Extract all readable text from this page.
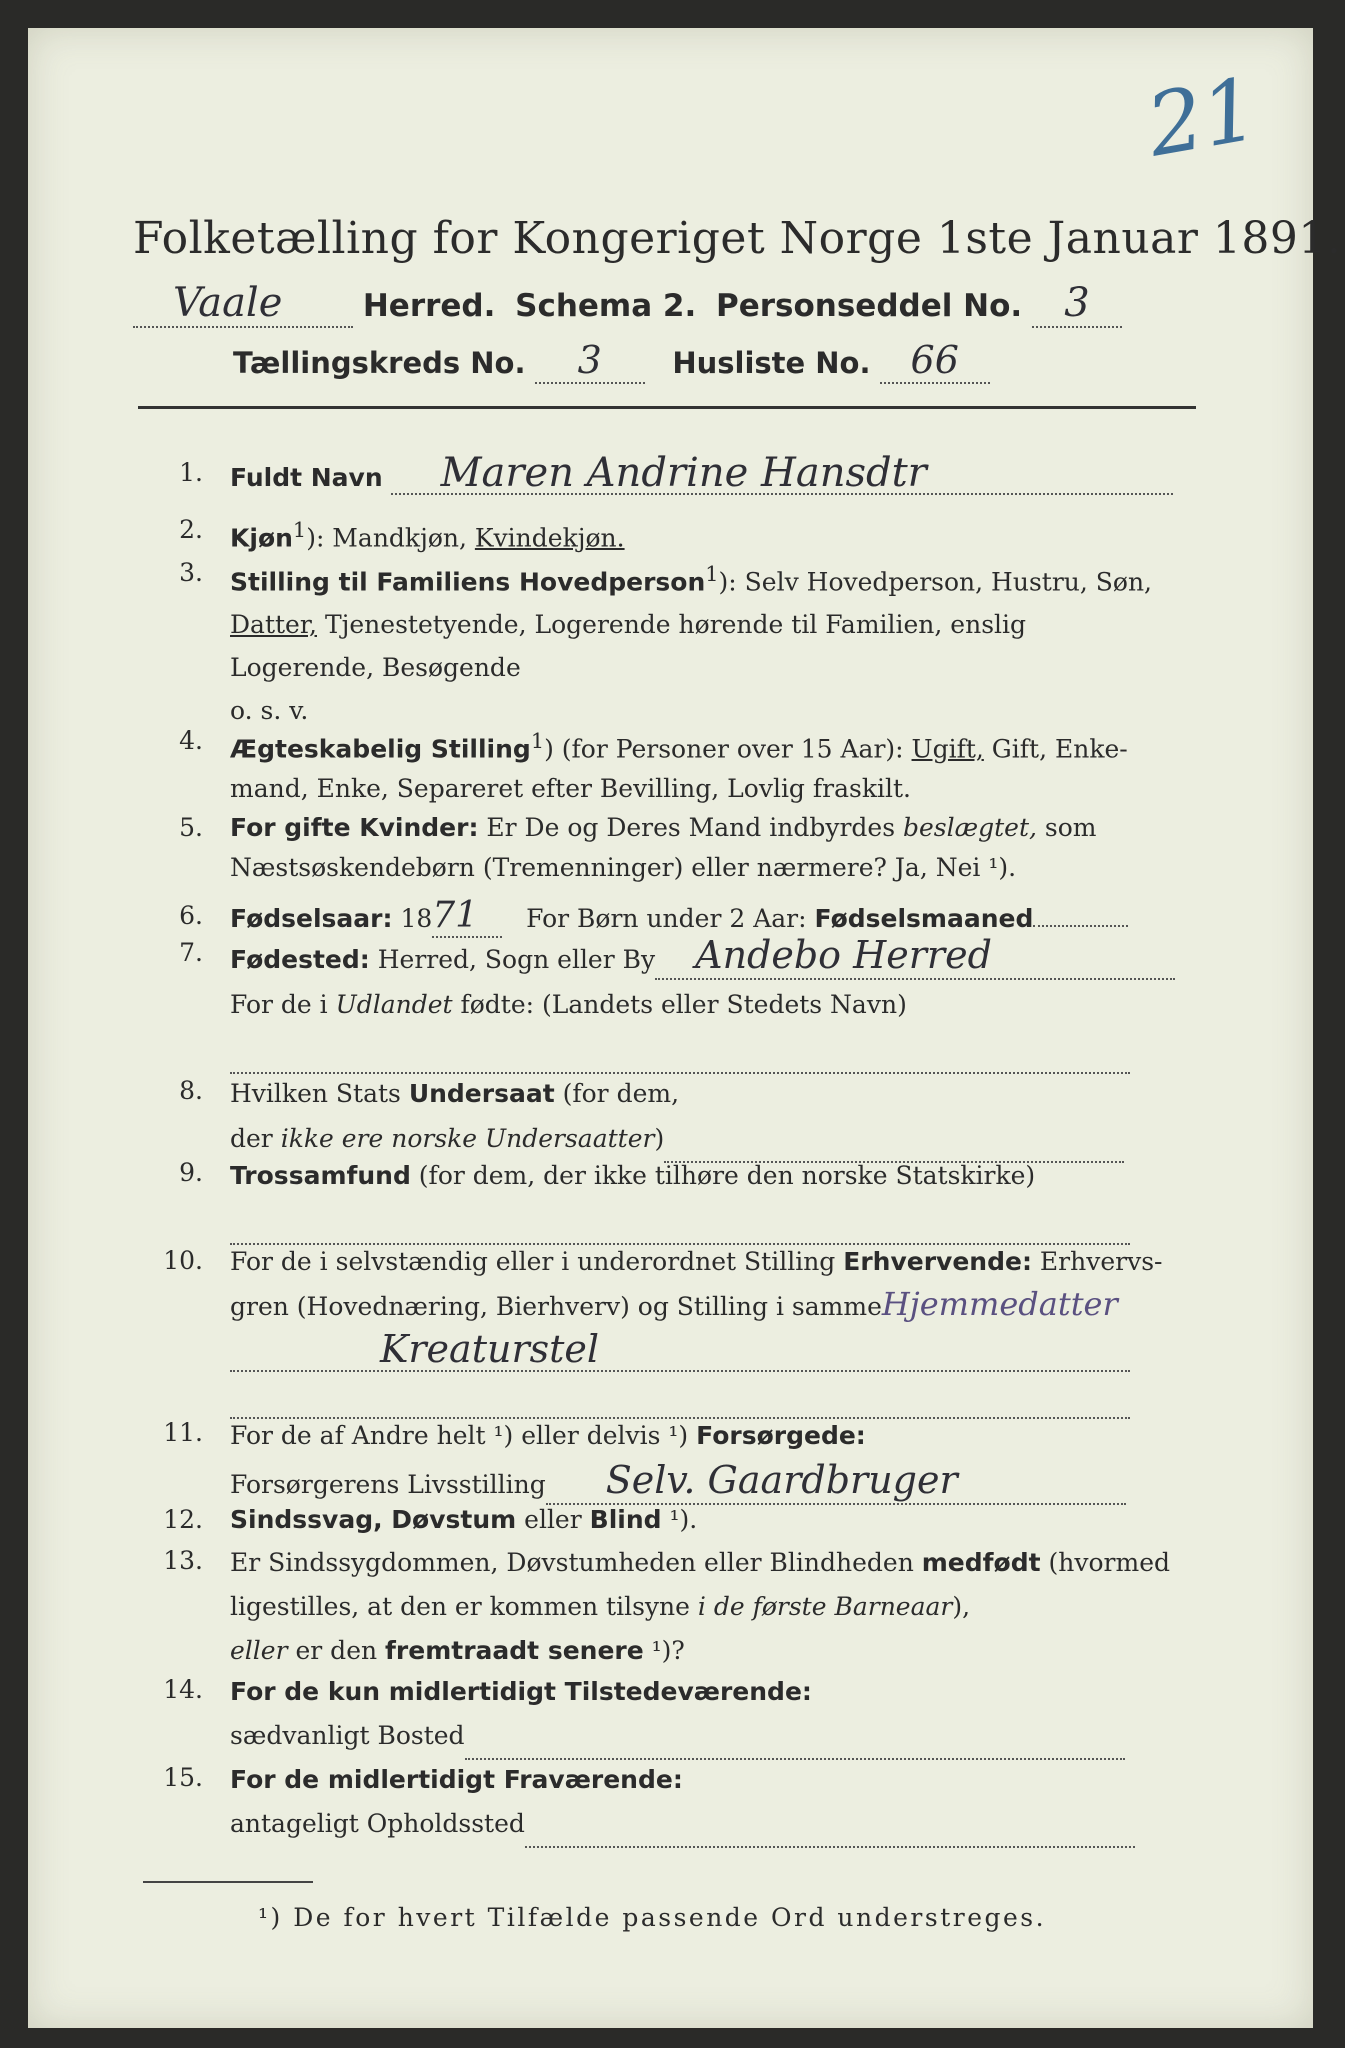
21
Folketælling for Kongeriget Norge 1ste Januar 1891.
Vaale	Herred. Schema 2. Personseddel No. 3
Tællingskreds No. 3 Husliste No. 66
1. Fuldt Navn Maren Andrine Hansdtr
2. Kjøn$^1$): Mandkjøn, Kvindekjøn.
3. Stilling til Familiens Hovedperson$^1$): Selv Hovedperson, Hustru, Søn,
Datter, Tjenestetyende, Logerende hørende til Familien, enslig
Logerende, Besøgende
o. s. v.
4. Ægteskabelig Stilling$^1$) (for Personer over 15 Aar): Ugift, Gift, Enke-
mand, Enke, Separeret efter Bevilling, Lovlig fraskilt.
5. For gifte Kvinder: Er De og Deres Mand indbyrdes beslægtet, som
Næstsøskendebørn (Tremenninger) eller nærmere? Ja, Nei ¹).
6. Fødselsaar: 1871 For Børn under 2 Aar: Fødselsmaaned
7. Fødested: Herred, Sogn eller By Andebo Herred
For de i Udlandet fødte: (Landets eller Stedets Navn)

8. Hvilken Stats Undersaat (for dem,
der ikke ere norske Undersaatter)
9. Trossamfund (for dem, der ikke tilhøre den norske Statskirke)

10. For de i selvstændig eller i underordnet Stilling Erhvervende: Erhvervs-
gren (Hovednæring, Bierhverv) og Stilling i sammeHjemmedatter
Kreaturstel

11. For de af Andre helt ¹) eller delvis ¹) Forsørgede:
Forsørgerens Livsstilling Selv. Gaardbruger
12. Sindssvag, Døvstum eller Blind ¹).
13. Er Sindssygdommen, Døvstumheden eller Blindheden medfødt (hvormed
ligestilles, at den er kommen tilsyne i de første Barneaar),
eller er den fremtraadt senere ¹)?
14. For de kun midlertidigt Tilstedeværende:
sædvanligt Bosted
15. For de midlertidigt Fraværende:
antageligt Opholdssted
¹) De for hvert Tilfælde passende Ord understreges.
